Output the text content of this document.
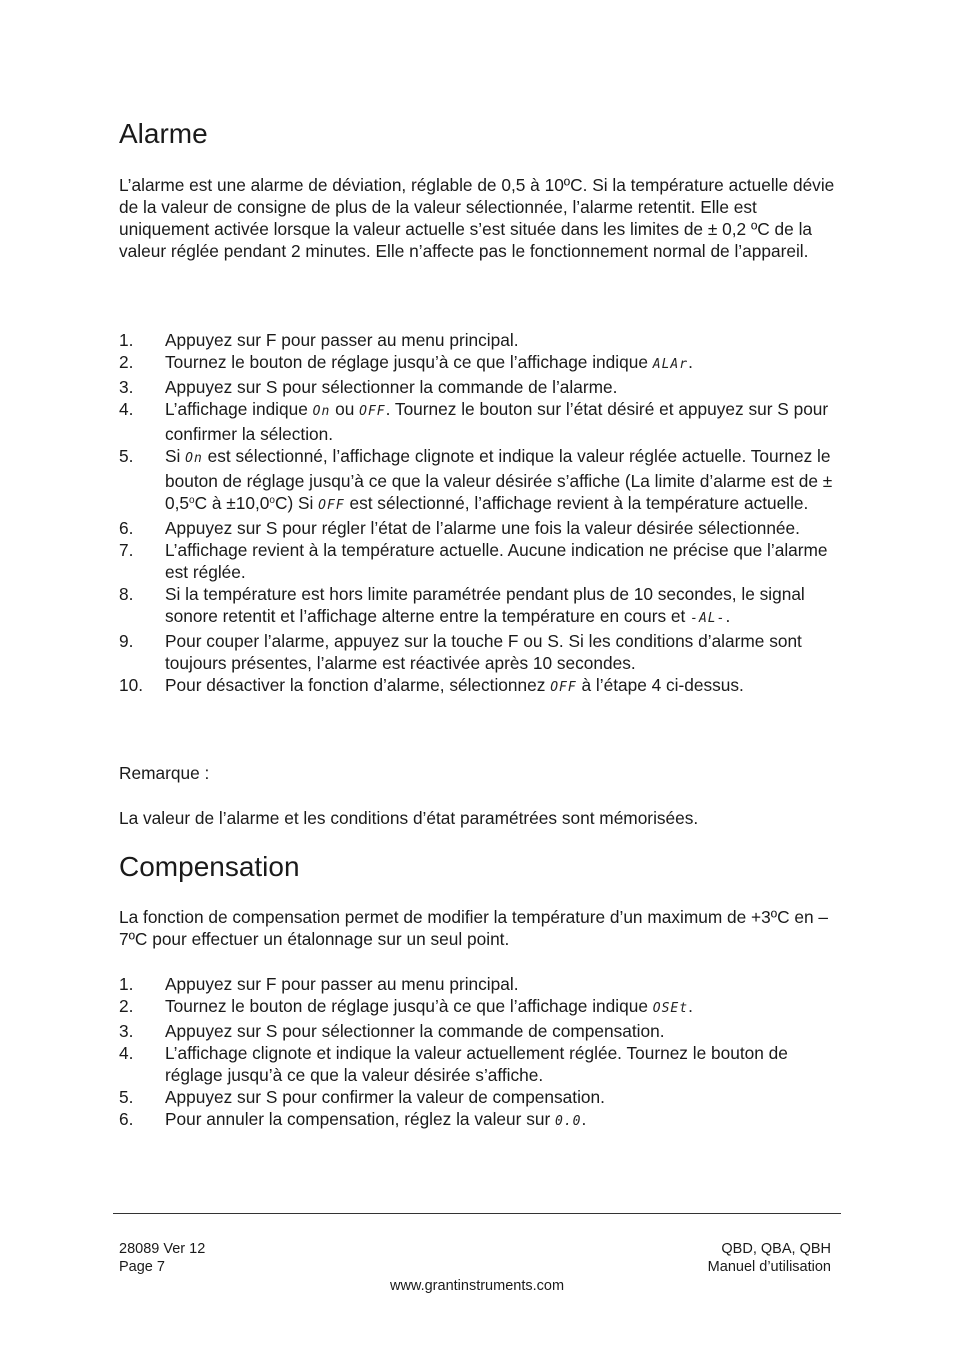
Alarme

L’alarme est une alarme de déviation, réglable de 0,5 à 10ºC. Si la température actuelle dévie de la valeur de consigne de plus de la valeur sélectionnée, l’alarme retentit. Elle est uniquement activée lorsque la valeur actuelle s’est située dans les limites de ± 0,2 ºC de la valeur réglée pendant 2 minutes. Elle n’affecte pas le fonctionnement normal de l’appareil.

1. Appuyez sur F pour passer au menu principal.
2. Tournez le bouton de réglage jusqu’à ce que l’affichage indique ALAr.
3. Appuyez sur S pour sélectionner la commande de l’alarme.
4. L’affichage indique On ou OFF. Tournez le bouton sur l’état désiré et appuyez sur S pour confirmer la sélection.
5. Si On est sélectionné, l’affichage clignote et indique la valeur réglée actuelle. Tournez le bouton de réglage jusqu’à ce que la valeur désirée s’affiche (La limite d’alarme est de ± $0,5^oC$ à $\pm 10,0^oC$) Si OFF est sélectionné, l’affichage revient à la température actuelle.
6. Appuyez sur S pour régler l’état de l’alarme une fois la valeur désirée sélectionnée.
7. L’affichage revient à la température actuelle. Aucune indication ne précise que l’alarme est réglée.
8. Si la température est hors limite paramétrée pendant plus de 10 secondes, le signal sonore retentit et l’affichage alterne entre la température en cours et -AL-.
9. Pour couper l’alarme, appuyez sur la touche F ou S. Si les conditions d’alarme sont toujours présentes, l’alarme est réactivée après 10 secondes.
10. Pour désactiver la fonction d’alarme, sélectionnez OFF à l’étape 4 ci-dessus.

Remarque :

La valeur de l’alarme et les conditions d’état paramétrées sont mémorisées.

Compensation

La fonction de compensation permet de modifier la température d’un maximum de +3ºC en –7ºC pour effectuer un étalonnage sur un seul point.

1. Appuyez sur F pour passer au menu principal.
2. Tournez le bouton de réglage jusqu’à ce que l’affichage indique OSEt.
3. Appuyez sur S pour sélectionner la commande de compensation.
4. L’affichage clignote et indique la valeur actuellement réglée. Tournez le bouton de réglage jusqu’à ce que la valeur désirée s’affiche.
5. Appuyez sur S pour confirmer la valeur de compensation.
6. Pour annuler la compensation, réglez la valeur sur 0.0.
28089 Ver 12
Page 7
QBD, QBA, QBH
Manuel d’utilisation
www.grantinstruments.com
